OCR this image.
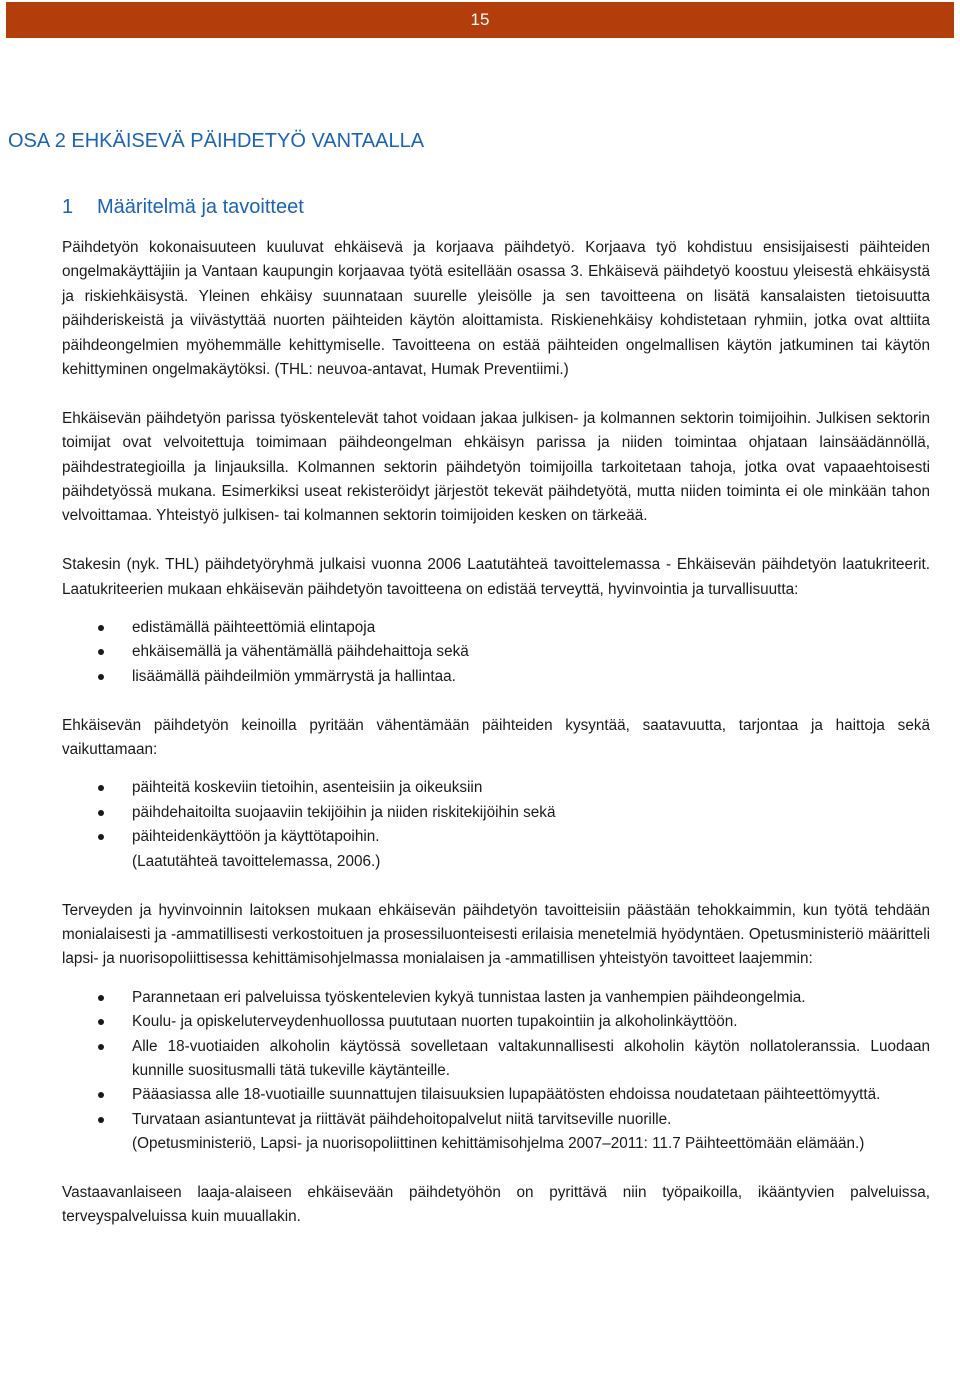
15
OSA 2 EHKÄISEVÄ PÄIHDETYÖ VANTAALLA
1 Määritelmä ja tavoitteet

Päihdetyön kokonaisuuteen kuuluvat ehkäisevä ja korjaava päihdetyö. Korjaava työ kohdistuu ensisijaisesti päihteiden ongelmakäyttäjiin ja Vantaan kaupungin korjaavaa työtä esitellään osassa 3. Ehkäisevä päihdetyö koostuu yleisestä ehkäisystä ja riskiehkäisystä. Yleinen ehkäisy suunnataan suurelle yleisölle ja sen tavoitteena on lisätä kansalaisten tietoisuutta päihderiskeistä ja viivästyttää nuorten päihteiden käytön aloittamista. Riskienehkäisy kohdistetaan ryhmiin, jotka ovat alttiita päihdeongelmien myöhemmälle kehittymiselle. Tavoitteena on estää päihteiden ongelmallisen käytön jatkuminen tai käytön kehittyminen ongelmakäytöksi. (THL: neuvoa-antavat, Humak Preventiimi.)

Ehkäisevän päihdetyön parissa työskentelevät tahot voidaan jakaa julkisen- ja kolmannen sektorin toimijoihin. Julkisen sektorin toimijat ovat velvoitettuja toimimaan päihdeongelman ehkäisyn parissa ja niiden toimintaa ohjataan lainsäädännöllä, päihdestrategioilla ja linjauksilla. Kolmannen sektorin päihdetyön toimijoilla tarkoitetaan tahoja, jotka ovat vapaaehtoisesti päihdetyössä mukana. Esimerkiksi useat rekisteröidyt järjestöt tekevät päihdetyötä, mutta niiden toiminta ei ole minkään tahon velvoittamaa. Yhteistyö julkisen- tai kolmannen sektorin toimijoiden kesken on tärkeää.

Stakesin (nyk. THL) päihdetyöryhmä julkaisi vuonna 2006 Laatutähteä tavoittelemassa - Ehkäisevän päihdetyön laatukriteerit. Laatukriteerien mukaan ehkäisevän päihdetyön tavoitteena on edistää terveyttä, hyvinvointia ja turvallisuutta:

edistämällä päihteettömiä elintapoja
ehkäisemällä ja vähentämällä päihdehaittoja sekä
lisäämällä päihdeilmiön ymmärrystä ja hallintaa.

Ehkäisevän päihdetyön keinoilla pyritään vähentämään päihteiden kysyntää, saatavuutta, tarjontaa ja haittoja sekä vaikuttamaan:

päihteitä koskeviin tietoihin, asenteisiin ja oikeuksiin
päihdehaitoilta suojaaviin tekijöihin ja niiden riskitekijöihin sekä
päihteidenkäyttöön ja käyttötapoihin.
(Laatutähteä tavoittelemassa, 2006.)

Terveyden ja hyvinvoinnin laitoksen mukaan ehkäisevän päihdetyön tavoitteisiin päästään tehokkaimmin, kun työtä tehdään monialaisesti ja -ammatillisesti verkostoituen ja prosessiluonteisesti erilaisia menetelmiä hyödyntäen. Opetusministeriö määritteli lapsi- ja nuorisopoliittisessa kehittämisohjelmassa monialaisen ja -ammatillisen yhteistyön tavoitteet laajemmin:

Parannetaan eri palveluissa työskentelevien kykyä tunnistaa lasten ja vanhempien päihdeongelmia.
Koulu- ja opiskeluterveydenhuollossa puututaan nuorten tupakointiin ja alkoholinkäyttöön.
Alle 18-vuotiaiden alkoholin käytössä sovelletaan valtakunnallisesti alkoholin käytön nollatoleranssia. Luodaan kunnille suositusmalli tätä tukeville käytänteille.
Pääasiassa alle 18-vuotiaille suunnattujen tilaisuuksien lupapäätösten ehdoissa noudatetaan päihteettömyyttä.
Turvataan asiantuntevat ja riittävät päihdehoitopalvelut niitä tarvitseville nuorille.
(Opetusministeriö, Lapsi- ja nuorisopoliittinen kehittämisohjelma 2007–2011: 11.7 Päihteettömään elämään.)

Vastaavanlaiseen laaja-alaiseen ehkäisevään päihdetyöhön on pyrittävä niin työpaikoilla, ikääntyvien palveluissa, terveyspalveluissa kuin muuallakin.
